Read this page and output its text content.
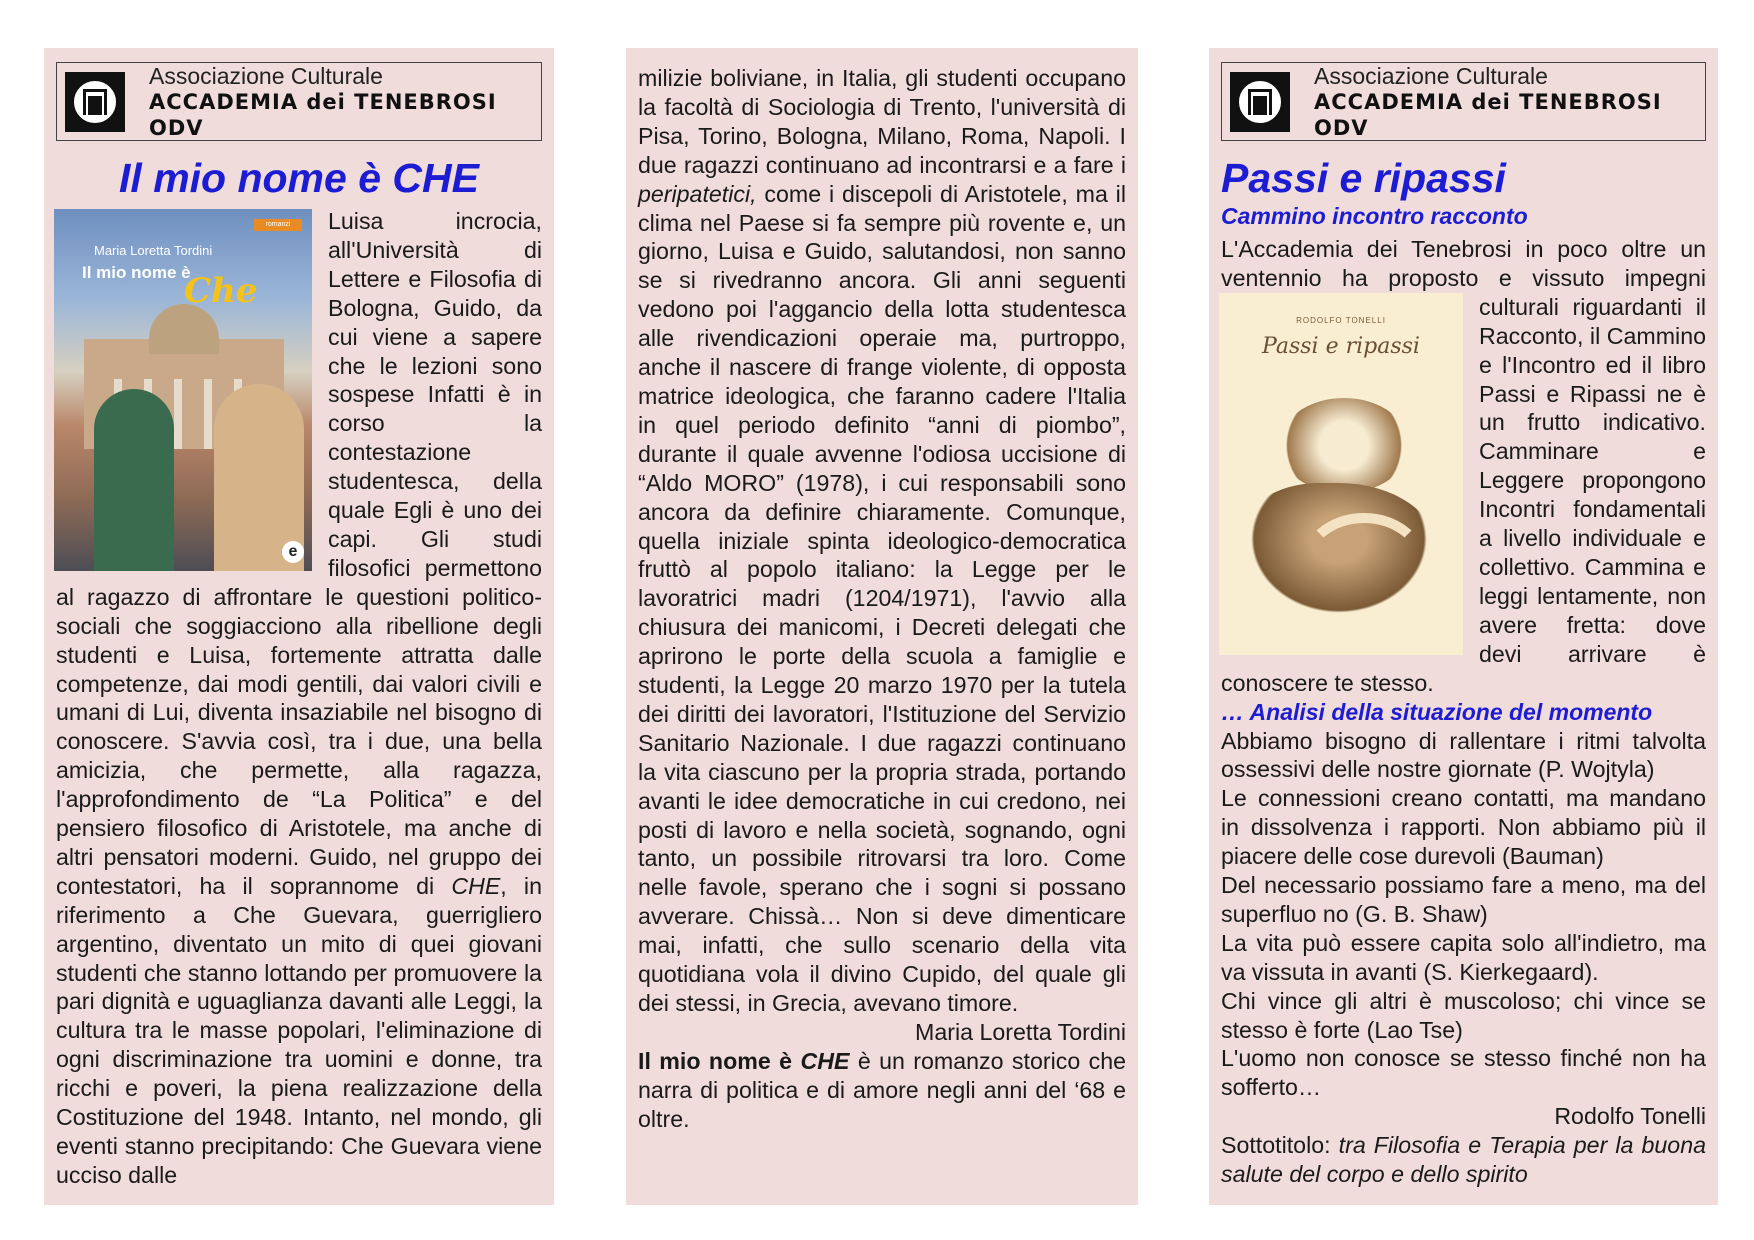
Associazione Culturale
ACCADEMIA dei TENEBROSI ODV
Il mio nome è CHE

romanzi
Maria Loretta Tordini
Il mio nome è
Che
e
Luisa incrocia, all'Università di Lettere e Filosofia di Bologna, Guido, da cui viene a sapere che le lezioni sono sospese Infatti è in corso la contestazione studentesca, della quale Egli è uno dei capi. Gli studi filosofici permettono al ragazzo di affrontare le questioni politico-sociali che soggiacciono alla ribellione degli studenti e Luisa, fortemente attratta dalle competenze, dai modi gentili, dai valori civili e umani di Lui, diventa insaziabile nel bisogno di conoscere. S'avvia così, tra i due, una bella amicizia, che permette, alla ragazza, l'approfondimento de “La Politica” e del pensiero filosofico di Aristotele, ma anche di altri pensatori moderni. Guido, nel gruppo dei contestatori, ha il soprannome di CHE, in riferimento a Che Guevara, guerrigliero argentino, diventato un mito di quei giovani studenti che stanno lottando per promuovere la pari dignità e uguaglianza davanti alle Leggi, la cultura tra le masse popolari, l'eliminazione di ogni discriminazione tra uomini e donne, tra ricchi e poveri, la piena realizzazione della Costituzione del 1948. Intanto, nel mondo, gli eventi stanno precipitando: Che Guevara viene ucciso dalle

milizie boliviane, in Italia, gli studenti occupano la facoltà di Sociologia di Trento, l'università di Pisa, Torino, Bologna, Milano, Roma, Napoli. I due ragazzi continuano ad incontrarsi e a fare i peripatetici, come i discepoli di Aristotele, ma il clima nel Paese si fa sempre più rovente e, un giorno, Luisa e Guido, salutandosi, non sanno se si rivedranno ancora. Gli anni seguenti vedono poi l'aggancio della lotta studentesca alle rivendicazioni operaie ma, purtroppo, anche il nascere di frange violente, di opposta matrice ideologica, che faranno cadere l'Italia in quel periodo definito “anni di piombo”, durante il quale avvenne l'odiosa uccisione di “Aldo MORO” (1978), i cui responsabili sono ancora da definire chiaramente. Comunque, quella iniziale spinta ideologico-democratica fruttò al popolo italiano: la Legge per le lavoratrici madri (1204/1971), l'avvio alla chiusura dei manicomi, i Decreti delegati che aprirono le porte della scuola a famiglie e studenti, la Legge 20 marzo 1970 per la tutela dei diritti dei lavoratori, l'Istituzione del Servizio Sanitario Nazionale. I due ragazzi continuano la vita ciascuno per la propria strada, portando avanti le idee democratiche in cui credono, nei posti di lavoro e nella società, sognando, ogni tanto, un possibile ritrovarsi tra loro. Come nelle favole, sperano che i sogni si possano avverare. Chissà… Non si deve dimenticare mai, infatti, che sullo scenario della vita quotidiana vola il divino Cupido, del quale gli dei stessi, in Grecia, avevano timore.

Maria Loretta Tordini

Il mio nome è CHE è un romanzo storico che narra di politica e di amore negli anni del ‘68 e oltre.

Associazione Culturale
ACCADEMIA dei TENEBROSI ODV
Passi e ripassi
Cammino incontro racconto

L'Accademia dei Tenebrosi in poco oltre un ventennio ha proposto e vissuto impegni
RODOLFO TONELLI
Passi e ripassi
culturali riguardanti il Racconto, il Cammino e l'Incontro ed il libro Passi e Ripassi ne è un frutto indicativo. Camminare e Leggere propongono Incontri fondamentali a livello individuale e collettivo. Cammina e leggi lentamente, non avere fretta: dove devi arrivare è conoscere te stesso.

… Analisi della situazione del momento

Abbiamo bisogno di rallentare i ritmi talvolta ossessivi delle nostre giornate (P. Wojtyla)

Le connessioni creano contatti, ma mandano in dissolvenza i rapporti. Non abbiamo più il piacere delle cose durevoli (Bauman)

Del necessario possiamo fare a meno, ma del superfluo no (G. B. Shaw)

La vita può essere capita solo all'indietro, ma va vissuta in avanti (S. Kierkegaard).

Chi vince gli altri è muscoloso; chi vince se stesso è forte (Lao Tse)

L'uomo non conosce se stesso finché non ha sofferto…

Rodolfo Tonelli

Sottotitolo: tra Filosofia e Terapia per la buona salute del corpo e dello spirito
